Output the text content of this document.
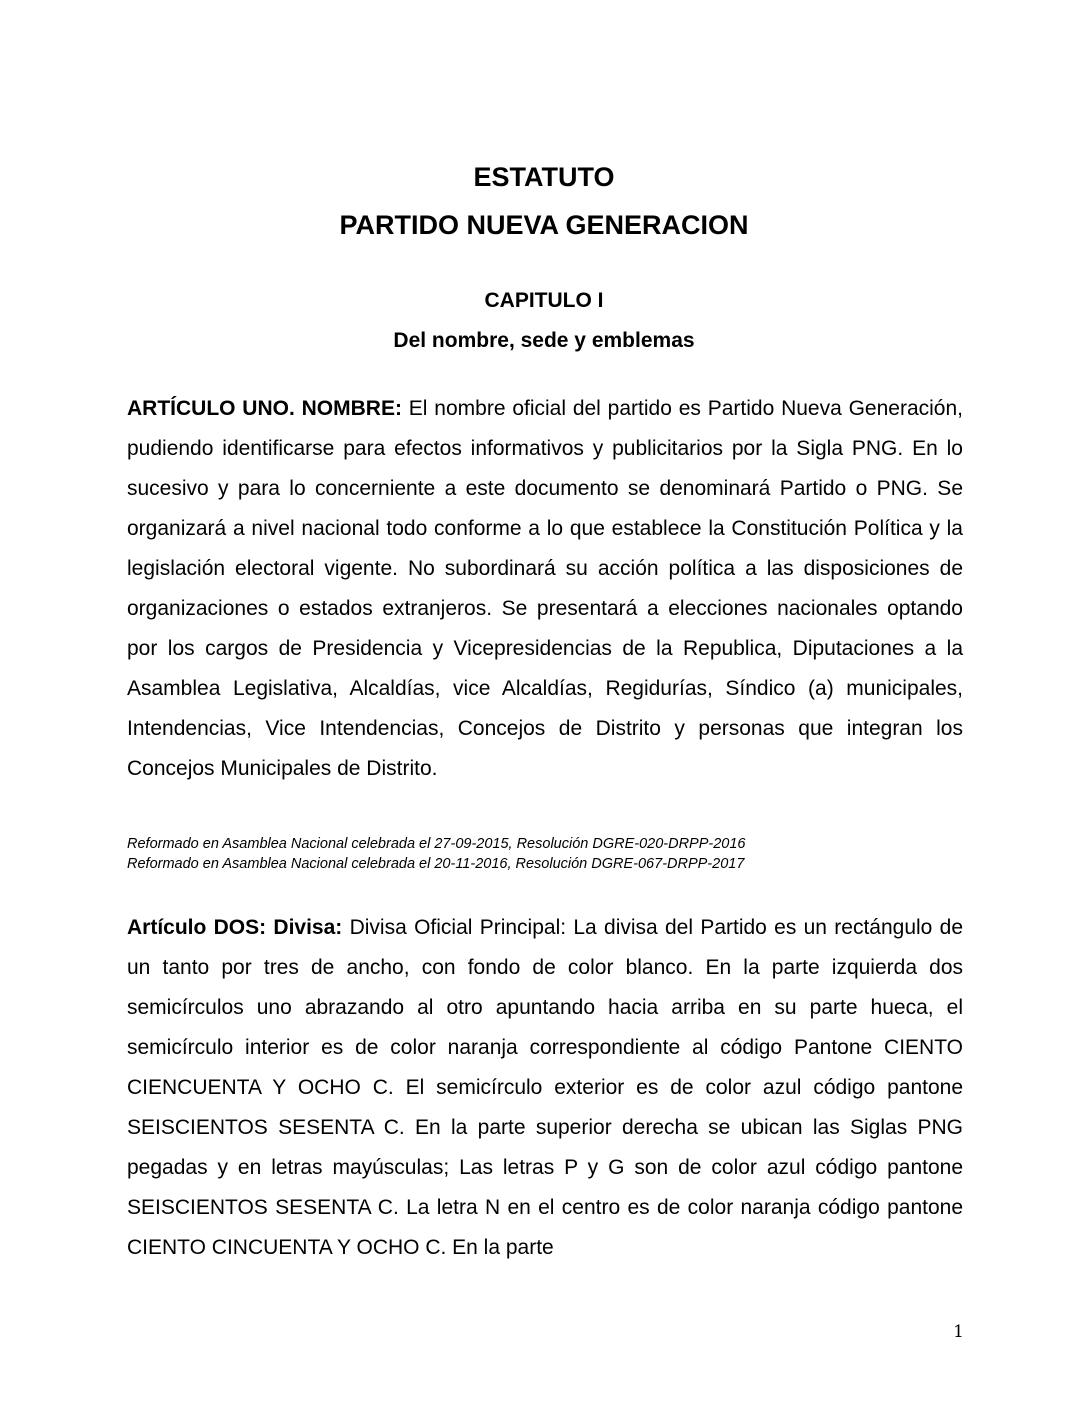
ESTATUTO
PARTIDO NUEVA GENERACION
CAPITULO I
Del nombre, sede y emblemas

ARTÍCULO UNO. NOMBRE: El nombre oficial del partido es Partido Nueva Generación, pudiendo identificarse para efectos informativos y publicitarios por la Sigla PNG. En lo sucesivo y para lo concerniente a este documento se denominará Partido o PNG. Se organizará a nivel nacional todo conforme a lo que establece la Constitución Política y la legislación electoral vigente. No subordinará su acción política a las disposiciones de organizaciones o estados extranjeros. Se presentará a elecciones nacionales optando por los cargos de Presidencia y Vicepresidencias de la Republica, Diputaciones a la Asamblea Legislativa, Alcaldías, vice Alcaldías, Regidurías, Síndico (a) municipales, Intendencias, Vice Intendencias, Concejos de Distrito y personas que integran los Concejos Municipales de Distrito.

Reformado en Asamblea Nacional celebrada el 27-09-2015, Resolución DGRE-020-DRPP-2016
Reformado en Asamblea Nacional celebrada el 20-11-2016, Resolución DGRE-067-DRPP-2017

Artículo DOS: Divisa: Divisa Oficial Principal: La divisa del Partido es un rectángulo de un tanto por tres de ancho, con fondo de color blanco. En la parte izquierda dos semicírculos uno abrazando al otro apuntando hacia arriba en su parte hueca, el semicírculo interior es de color naranja correspondiente al código Pantone CIENTO CIENCUENTA Y OCHO C. El semicírculo exterior es de color azul código pantone SEISCIENTOS SESENTA C. En la parte superior derecha se ubican las Siglas PNG pegadas y en letras mayúsculas; Las letras P y G son de color azul código pantone SEISCIENTOS SESENTA C. La letra N en el centro es de color naranja código pantone CIENTO CINCUENTA Y OCHO C. En la parte

1
